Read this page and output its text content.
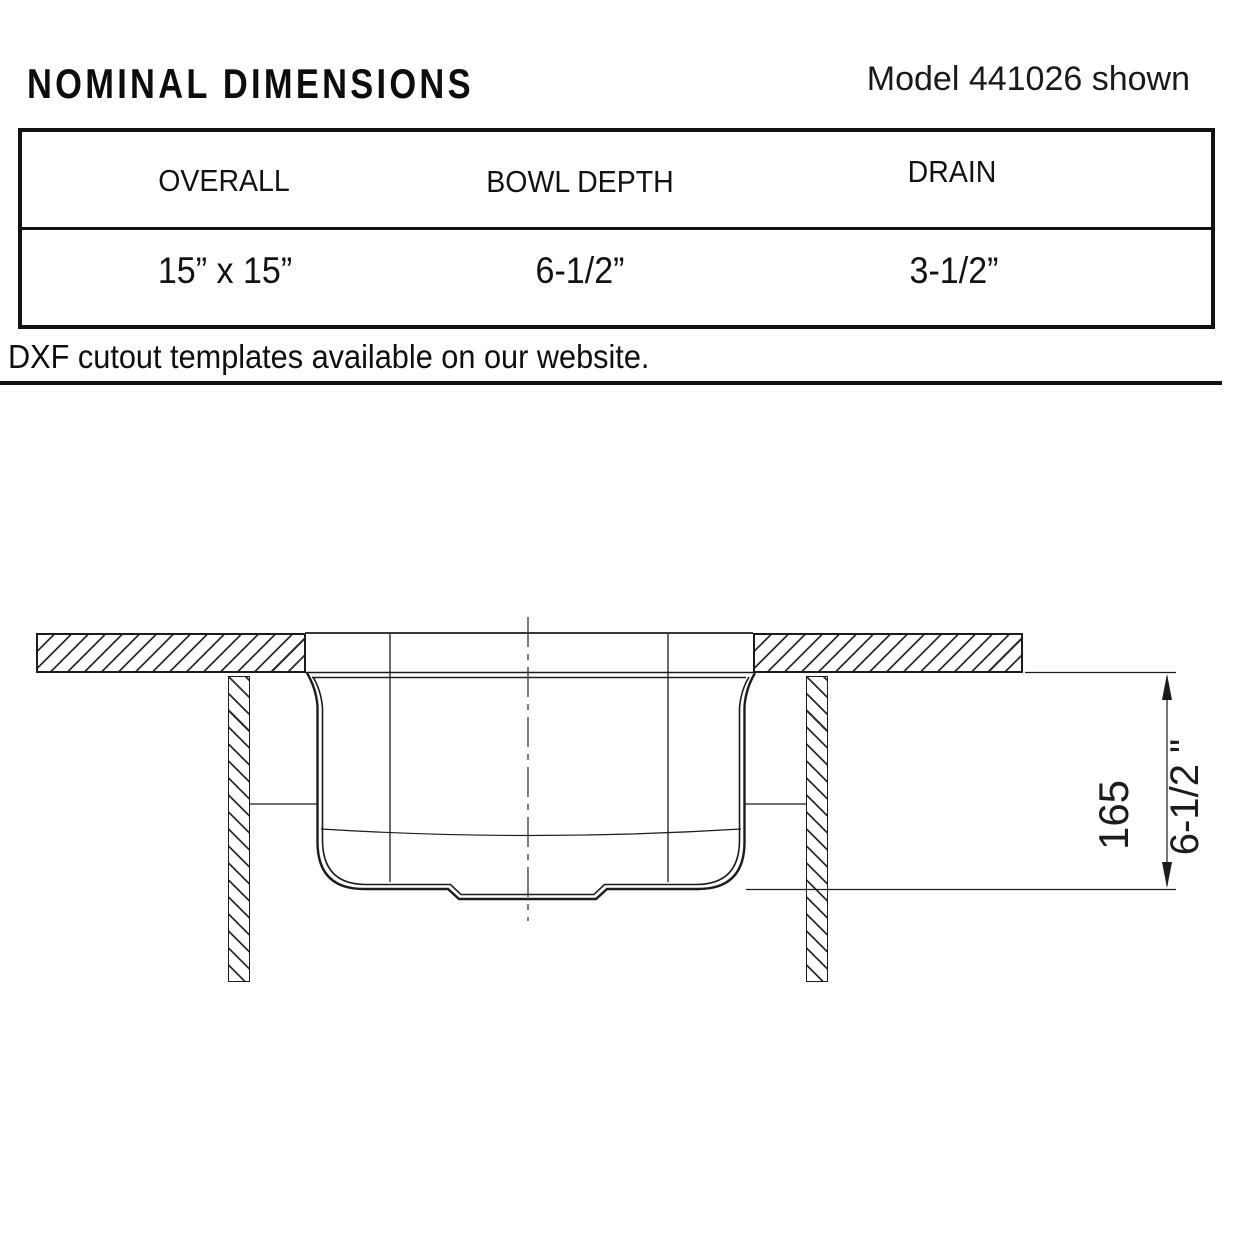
NOMINAL DIMENSIONS	Model 441026 shown
OVERALL	BOWL DEPTH	DRAIN
15” x 15”	6-1/2”	3-1/2”
DXF cutout templates available on our website.
165 6-1/2 "
